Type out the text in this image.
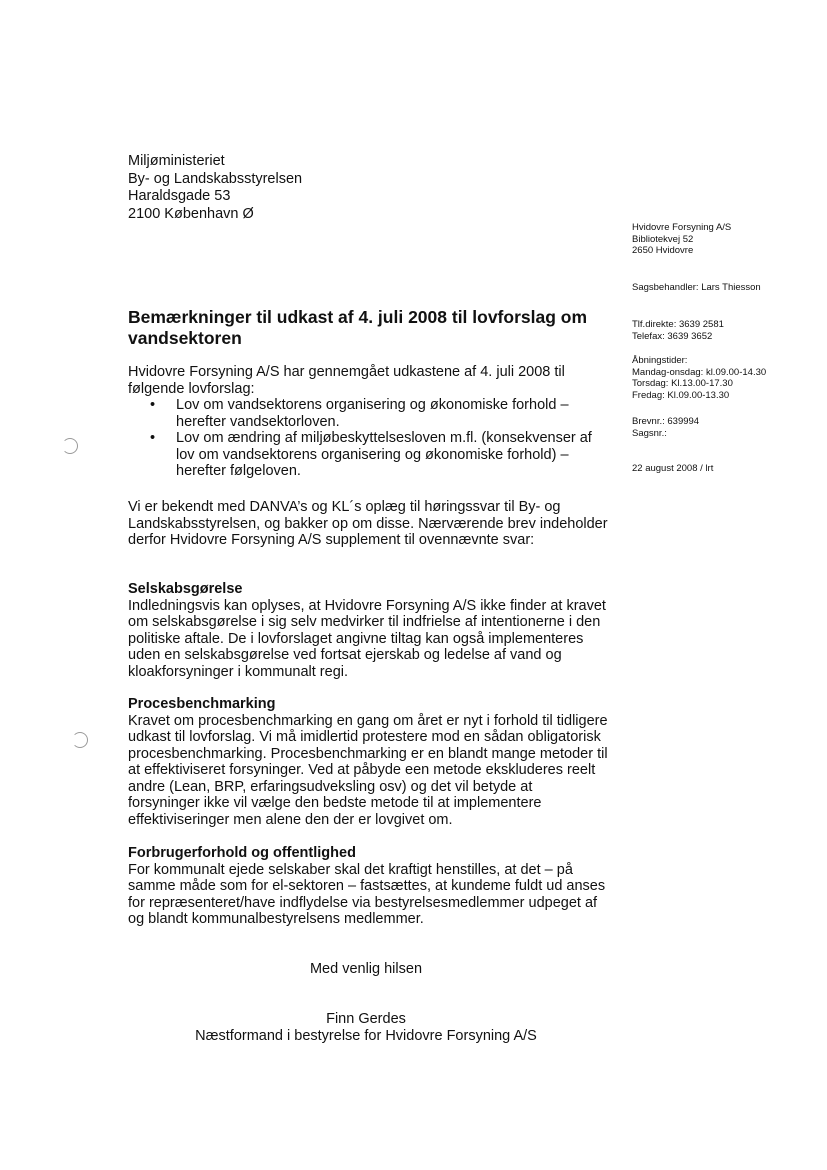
Miljøministeriet
By- og Landskabsstyrelsen
Haraldsgade 53
2100 København Ø
Hvidovre Forsyning A/S
Bibliotekvej 52
2650 Hvidovre
Sagsbehandler: Lars Thiesson
Tlf.direkte: 3639 2581
Telefax: 3639 3652
Åbningstider:
Mandag-onsdag: kl.09.00-14.30
Torsdag: Kl.13.00-17.30
Fredag: Kl.09.00-13.30
Brevnr.: 639994
Sagsnr.:
22 august 2008 / lrt
Bemærkninger til udkast af 4. juli 2008 til lovforslag om vandsektoren

Hvidovre Forsyning A/S har gennemgået udkastene af 4. juli 2008 til følgende lovforslag:

• Lov om vandsektorens organisering og økonomiske forhold – herefter vandsektorloven.
• Lov om ændring af miljøbeskyttelsesloven m.fl. (konsekvenser af lov om vandsektorens organisering og økonomiske forhold) – herefter følgeloven.
Vi er bekendt med DANVA’s og KL´s oplæg til høringssvar til By- og Landskabsstyrelsen, og bakker op om disse. Nærværende brev indeholder derfor Hvidovre Forsyning A/S supplement til ovennævnte svar:

Selskabsgørelse

Indledningsvis kan oplyses, at Hvidovre Forsyning A/S ikke finder at kravet om selskabsgørelse i sig selv medvirker til indfrielse af intentionerne i den politiske aftale. De i lovforslaget angivne tiltag kan også implementeres uden en selskabsgørelse ved fortsat ejerskab og ledelse af vand og kloakforsyninger i kommunalt regi.

Procesbenchmarking

Kravet om procesbenchmarking en gang om året er nyt i forhold til tidligere udkast til lovforslag. Vi må imidlertid protestere mod en sådan obligatorisk procesbenchmarking. Procesbenchmarking er en blandt mange metoder til at effektiviseret forsyninger. Ved at påbyde een metode ekskluderes reelt andre (Lean, BRP, erfaringsudveksling osv) og det vil betyde at forsyninger ikke vil vælge den bedste metode til at implementere effektiviseringer men alene den der er lovgivet om.

Forbrugerforhold og offentlighed

For kommunalt ejede selskaber skal det kraftigt henstilles, at det – på samme måde som for el-sektoren – fastsættes, at kundeme fuldt ud anses for repræsenteret/have indflydelse via bestyrelsesmedlemmer udpeget af og blandt kommunalbestyrelsens medlemmer.

Med venlig hilsen
Finn Gerdes
Næstformand i bestyrelse for Hvidovre Forsyning A/S
